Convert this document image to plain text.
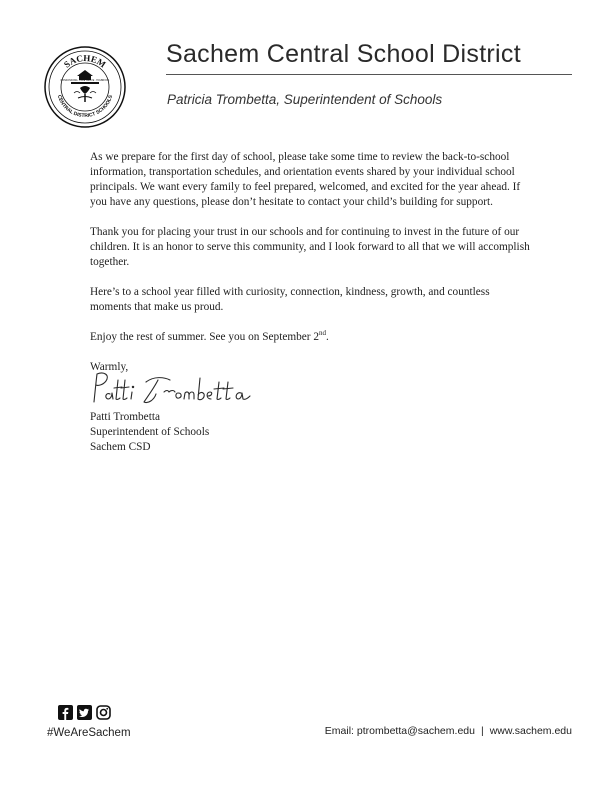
SACHEM
CENTRAL DISTRICT SCHOOLS
RONKONKOMA · LAKE GROVE · HOLBROOK
Sachem Central School District
Patricia Trombetta, Superintendent of Schools

As we prepare for the first day of school, please take some time to review the back-to-school information, transportation schedules, and orientation events shared by your individual school principals. We want every family to feel prepared, welcomed, and excited for the year ahead. If you have any questions, please don’t hesitate to contact your child’s building for support.

Thank you for placing your trust in our schools and for continuing to invest in the future of our children. It is an honor to serve this community, and I look forward to all that we will accomplish together.

Here’s to a school year filled with curiosity, connection, kindness, growth, and countless moments that make us proud.

Enjoy the rest of summer. See you on September 2nd.

Warmly,

Patti Trombetta
Superintendent of Schools
Sachem CSD
#WeAreSachem	Email: ptrombetta@sachem.edu | www.sachem.edu
